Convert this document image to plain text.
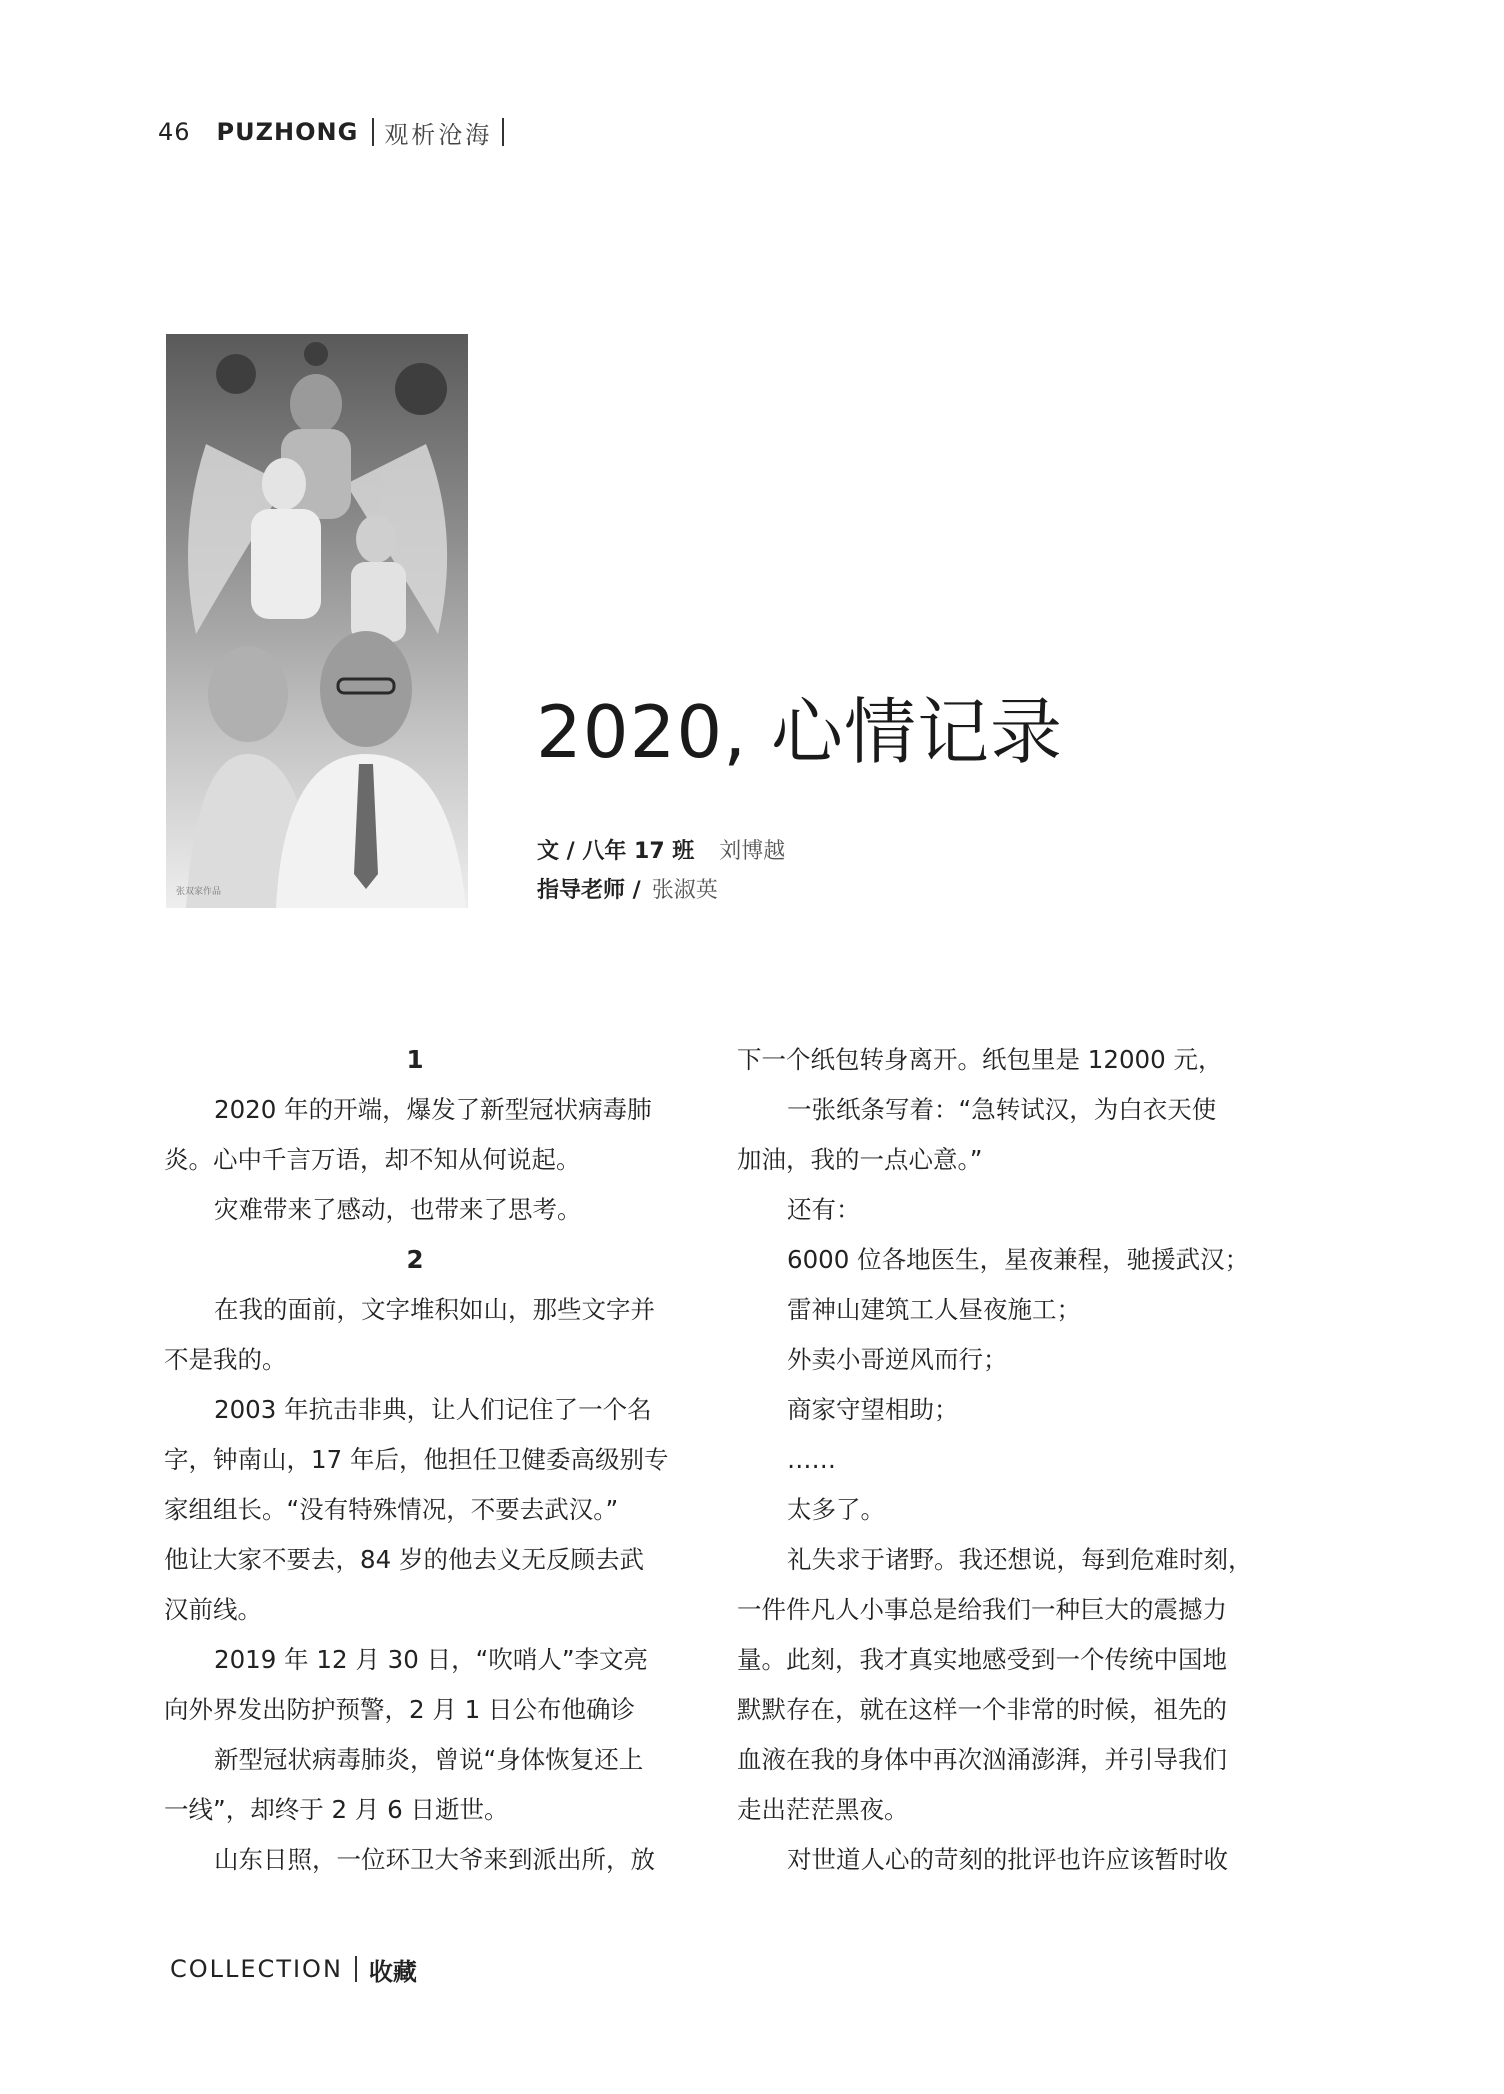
46 PUZHONG 观析沧海
张双家作品
2020, 心情记录
文 / 八年 17 班 刘博越
指导老师 / 张淑英

1

2020 年的开端，爆发了新型冠状病毒肺

炎。心中千言万语，却不知从何说起。

灾难带来了感动，也带来了思考。

2

在我的面前，文字堆积如山，那些文字并

不是我的。

2003 年抗击非典，让人们记住了一个名

字，钟南山，17 年后，他担任卫健委高级别专

家组组长。“没有特殊情况，不要去武汉。”

他让大家不要去，84 岁的他去义无反顾去武

汉前线。

2019 年 12 月 30 日，“吹哨人”李文亮

向外界发出防护预警，2 月 1 日公布他确诊

新型冠状病毒肺炎，曾说“身体恢复还上

一线”，却终于 2 月 6 日逝世。

山东日照，一位环卫大爷来到派出所，放

下一个纸包转身离开。纸包里是 12000 元，

一张纸条写着：“急转试汉，为白衣天使

加油，我的一点心意。”

还有：

6000 位各地医生，星夜兼程，驰援武汉；

雷神山建筑工人昼夜施工；

外卖小哥逆风而行；

商家守望相助；

……

太多了。

礼失求于诸野。我还想说，每到危难时刻，

一件件凡人小事总是给我们一种巨大的震撼力

量。此刻，我才真实地感受到一个传统中国地

默默存在，就在这样一个非常的时候，祖先的

血液在我的身体中再次汹涌澎湃，并引导我们

走出茫茫黑夜。

对世道人心的苛刻的批评也许应该暂时收

COLLECTION 收藏
